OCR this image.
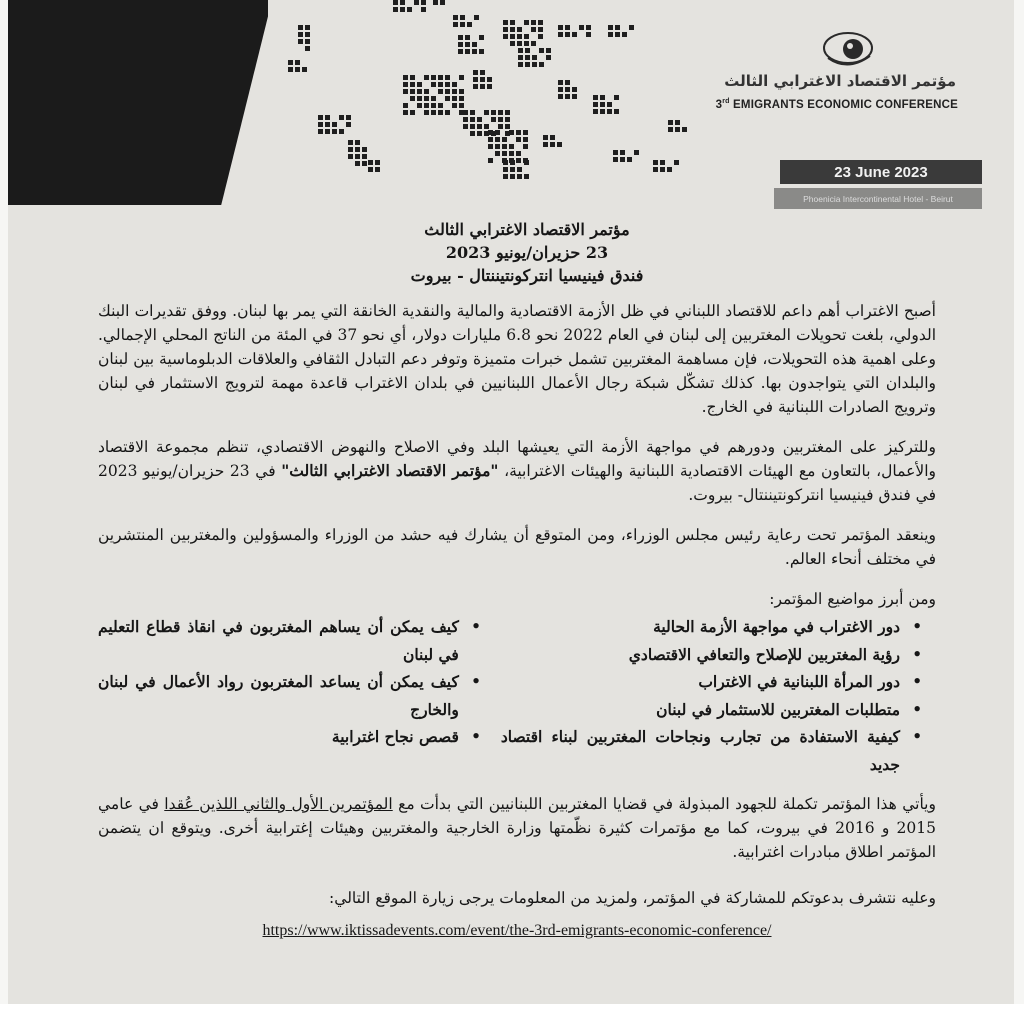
مؤتمر الاقتصاد الاغترابي الثالث
3rd EMIGRANTS ECONOMIC CONFERENCE
23 June 2023
Phoenicia Intercontinental Hotel - Beirut
مؤتمر الاقتصاد الاغترابي الثالث
23 حزيران/يونيو 2023
فندق فينيسيا انتركونتيننتال - بيروت

أصبح الاغتراب أهم داعم للاقتصاد اللبناني في ظل الأزمة الاقتصادية والمالية والنقدية الخانقة التي يمر بها لبنان. ووفق تقديرات البنك الدولي، بلغت تحويلات المغتربين إلى لبنان في العام 2022 نحو 6.8 مليارات دولار، أي نحو 37 في المئة من الناتج المحلي الإجمالي. وعلى اهمية هذه التحويلات، فإن مساهمة المغتربين تشمل خبرات متميزة وتوفر دعم التبادل الثقافي والعلاقات الدبلوماسية بين لبنان والبلدان التي يتواجدون بها. كذلك تشكّل شبكة رجال الأعمال اللبنانيين في بلدان الاغتراب قاعدة مهمة لترويج الاستثمار في لبنان وترويج الصادرات اللبنانية في الخارج.

وللتركيز على المغتربين ودورهم في مواجهة الأزمة التي يعيشها البلد وفي الاصلاح والنهوض الاقتصادي، تنظم مجموعة الاقتصاد والأعمال، بالتعاون مع الهيئات الاقتصادية اللبنانية والهيئات الاغترابية، "مؤتمر الاقتصاد الاغترابي الثالث" في 23 حزيران/يونيو 2023 في فندق فينيسيا انتركونتيننتال- بيروت.

وينعقد المؤتمر تحت رعاية رئيس مجلس الوزراء، ومن المتوقع أن يشارك فيه حشد من الوزراء والمسؤولين والمغتربين المنتشرين في مختلف أنحاء العالم.

ومن أبرز مواضيع المؤتمر:
•
دور الاغتراب في مواجهة الأزمة الحالية
•
رؤية المغتربين للإصلاح والتعافي الاقتصادي
•
دور المرأة اللبنانية في الاغتراب
•
متطلبات المغتربين للاستثمار في لبنان
•
كيفية الاستفادة من تجارب ونجاحات المغتربين لبناء اقتصاد جديد
•
كيف يمكن أن يساهم المغتربون في انقاذ قطاع التعليم في لبنان
•
كيف يمكن أن يساعد المغتربون رواد الأعمال في لبنان والخارج
•
قصص نجاح اغترابية

ويأتي هذا المؤتمر تكملة للجهود المبذولة في قضايا المغتربين اللبنانيين التي بدأت مع المؤتمرين الأول والثاني اللذين عُقدا في عامي 2015 و 2016 في بيروت، كما مع مؤتمرات كثيرة نظّمتها وزارة الخارجية والمغتربين وهيئات إغترابية أخرى. ويتوقع ان يتضمن المؤتمر اطلاق مبادرات اغترابية.

وعليه نتشرف بدعوتكم للمشاركة في المؤتمر، ولمزيد من المعلومات يرجى زيارة الموقع التالي:

https://www.iktissadevents.com/event/the-3rd-emigrants-economic-conference/
